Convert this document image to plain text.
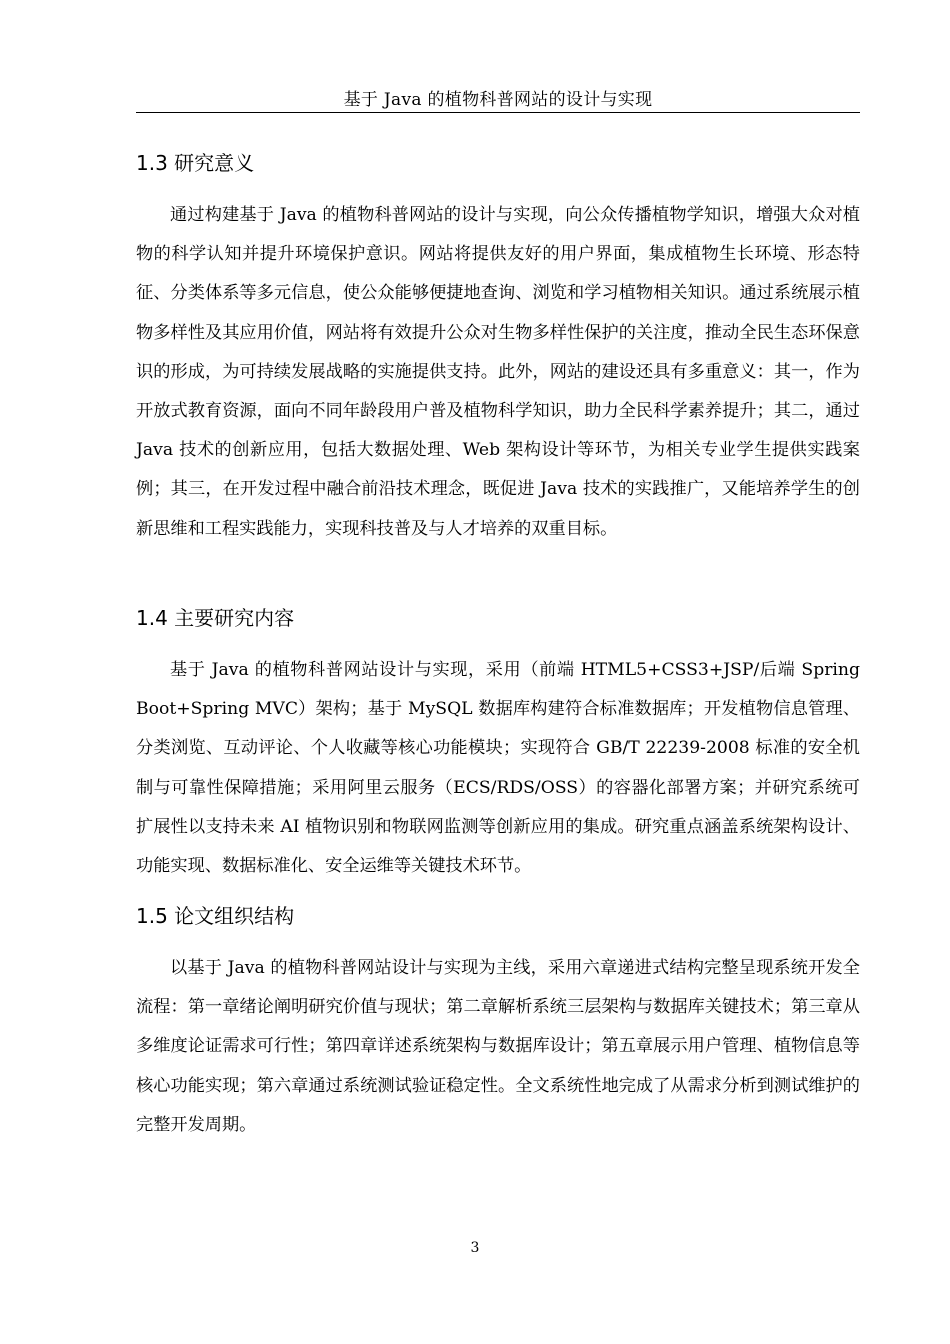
基于 Java 的植物科普网站的设计与实现
1.3 研究意义

通过构建基于 Java 的植物科普网站的设计与实现，向公众传播植物学知识，增强大众对植物的科学认知并提升环境保护意识。网站将提供友好的用户界面，集成植物生长环境、形态特征、分类体系等多元信息，使公众能够便捷地查询、浏览和学习植物相关知识。通过系统展示植物多样性及其应用价值，网站将有效提升公众对生物多样性保护的关注度，推动全民生态环保意识的形成，为可持续发展战略的实施提供支持。此外，网站的建设还具有多重意义：其一，作为开放式教育资源，面向不同年龄段用户普及植物科学知识，助力全民科学素养提升；其二，通过 Java 技术的创新应用，包括大数据处理、Web 架构设计等环节，为相关专业学生提供实践案例；其三，在开发过程中融合前沿技术理念，既促进 Java 技术的实践推广，又能培养学生的创新思维和工程实践能力，实现科技普及与人才培养的双重目标。

1.4 主要研究内容

基于 Java 的植物科普网站设计与实现，采用（前端 HTML5+CSS3+JSP/后端 Spring Boot+Spring MVC）架构；基于 MySQL 数据库构建符合标准数据库；开发植物信息管理、分类浏览、互动评论、个人收藏等核心功能模块；实现符合 GB/T 22239-2008 标准的安全机制与可靠性保障措施；采用阿里云服务（ECS/RDS/OSS）的容器化部署方案；并研究系统可扩展性以支持未来 AI 植物识别和物联网监测等创新应用的集成。研究重点涵盖系统架构设计、功能实现、数据标准化、安全运维等关键技术环节。

1.5 论文组织结构

以基于 Java 的植物科普网站设计与实现为主线，采用六章递进式结构完整呈现系统开发全流程：第一章绪论阐明研究价值与现状；第二章解析系统三层架构与数据库关键技术；第三章从多维度论证需求可行性；第四章详述系统架构与数据库设计；第五章展示用户管理、植物信息等核心功能实现；第六章通过系统测试验证稳定性。全文系统性地完成了从需求分析到测试维护的完整开发周期。

3
